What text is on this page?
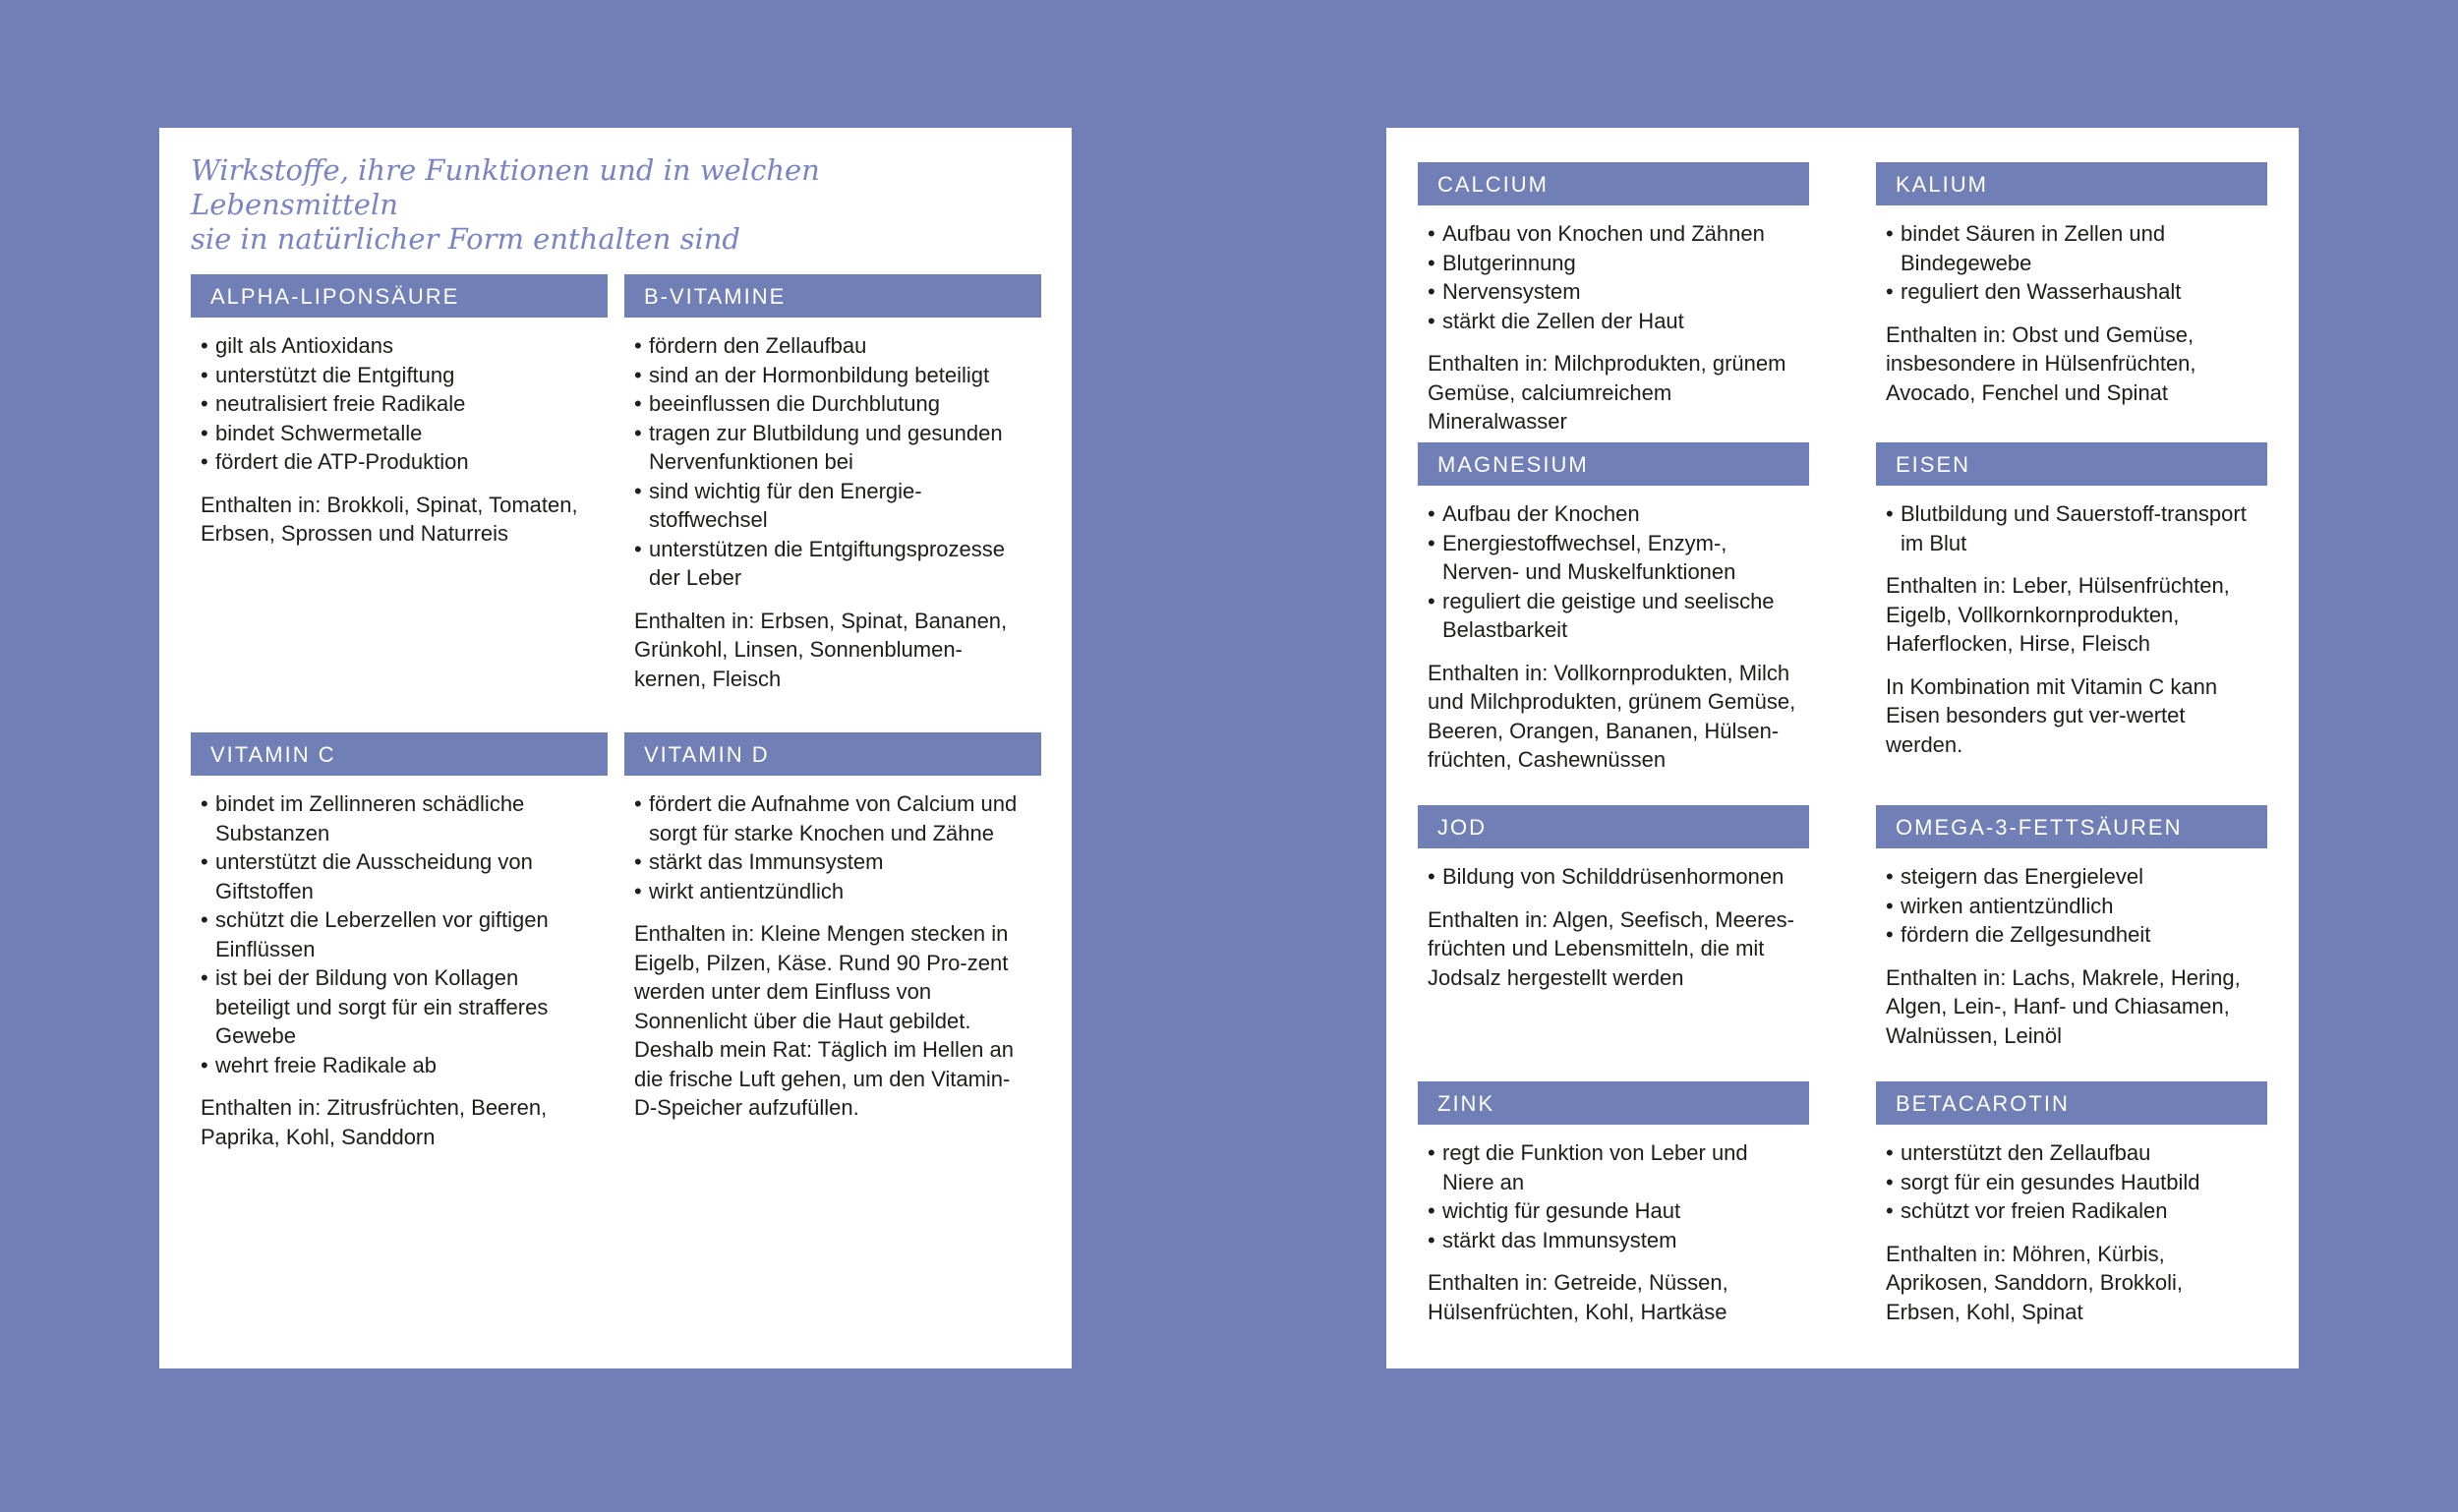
Wirkstoffe, ihre Funktionen und in welchen Lebensmitteln
sie in natürlicher Form enthalten sind
ALPHA-LIPONSÄURE
• gilt als Antioxidans
• unterstützt die Entgiftung
• neutralisiert freie Radikale
• bindet Schwermetalle
• fördert die ATP-Produktion

Enthalten in: Brokkoli, Spinat, Tomaten, Erbsen, Sprossen und Naturreis

B-VITAMINE
• fördern den Zellaufbau
• sind an der Hormonbildung beteiligt
• beeinflussen die Durchblutung
• tragen zur Blutbildung und gesunden Nervenfunktionen bei
• sind wichtig für den Energie-stoffwechsel
• unterstützen die Entgiftungsprozesse der Leber

Enthalten in: Erbsen, Spinat, Bananen, Grünkohl, Linsen, Sonnenblumen-kernen, Fleisch

VITAMIN C
• bindet im Zellinneren schädliche Substanzen
• unterstützt die Ausscheidung von Giftstoffen
• schützt die Leberzellen vor giftigen Einflüssen
• ist bei der Bildung von Kollagen beteiligt und sorgt für ein strafferes Gewebe
• wehrt freie Radikale ab

Enthalten in: Zitrusfrüchten, Beeren, Paprika, Kohl, Sanddorn

VITAMIN D
• fördert die Aufnahme von Calcium und sorgt für starke Knochen und Zähne
• stärkt das Immunsystem
• wirkt antientzündlich

Enthalten in: Kleine Mengen stecken in Eigelb, Pilzen, Käse. Rund 90 Pro-zent werden unter dem Einfluss von Sonnenlicht über die Haut gebildet. Deshalb mein Rat: Täglich im Hellen an die frische Luft gehen, um den Vitamin-D-Speicher aufzufüllen.

CALCIUM
• Aufbau von Knochen und Zähnen
• Blutgerinnung
• Nervensystem
• stärkt die Zellen der Haut

Enthalten in: Milchprodukten, grünem Gemüse, calciumreichem Mineralwasser

KALIUM
• bindet Säuren in Zellen und Bindegewebe
• reguliert den Wasserhaushalt

Enthalten in: Obst und Gemüse, insbesondere in Hülsenfrüchten, Avocado, Fenchel und Spinat

MAGNESIUM
• Aufbau der Knochen
• Energiestoffwechsel, Enzym-, Nerven- und Muskelfunktionen
• reguliert die geistige und seelische Belastbarkeit

Enthalten in: Vollkornprodukten, Milch und Milchprodukten, grünem Gemüse, Beeren, Orangen, Bananen, Hülsen-früchten, Cashewnüssen

EISEN
• Blutbildung und Sauerstoff-transport im Blut

Enthalten in: Leber, Hülsenfrüchten, Eigelb, Vollkornkornprodukten, Haferflocken, Hirse, Fleisch

In Kombination mit Vitamin C kann Eisen besonders gut ver-wertet werden.

JOD
• Bildung von Schilddrüsenhormonen

Enthalten in: Algen, Seefisch, Meeres-früchten und Lebensmitteln, die mit Jodsalz hergestellt werden

OMEGA-3-FETTSÄUREN
• steigern das Energielevel
• wirken antientzündlich
• fördern die Zellgesundheit

Enthalten in: Lachs, Makrele, Hering, Algen, Lein-, Hanf- und Chiasamen, Walnüssen, Leinöl

ZINK
• regt die Funktion von Leber und Niere an
• wichtig für gesunde Haut
• stärkt das Immunsystem

Enthalten in: Getreide, Nüssen, Hülsenfrüchten, Kohl, Hartkäse

BETACAROTIN
• unterstützt den Zellaufbau
• sorgt für ein gesundes Hautbild
• schützt vor freien Radikalen

Enthalten in: Möhren, Kürbis, Aprikosen, Sanddorn, Brokkoli, Erbsen, Kohl, Spinat
